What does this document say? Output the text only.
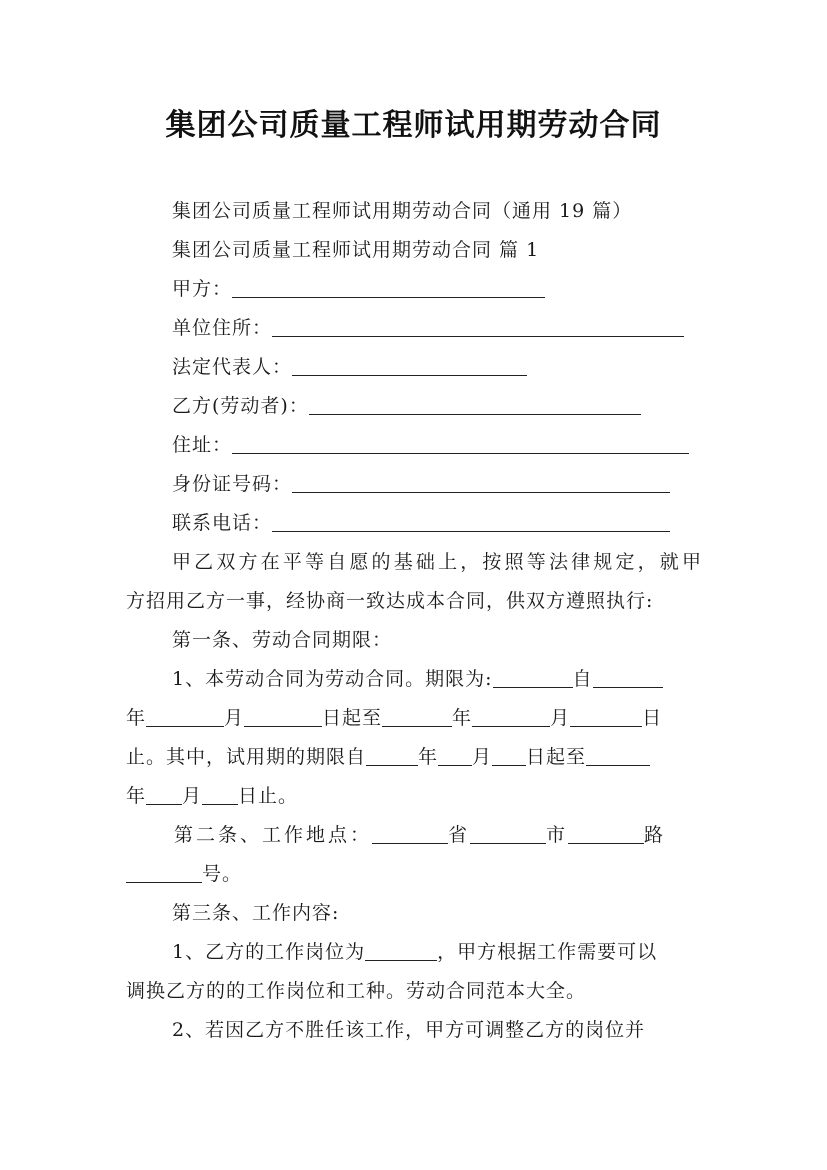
集团公司质量工程师试用期劳动合同
集团公司质量工程师试用期劳动合同（通用 19 篇）
集团公司质量工程师试用期劳动合同 篇 1
甲方：
单位住所：
法定代表人：
乙方(劳动者)：
住址：
身份证号码：
联系电话：
甲乙双方在平等自愿的基础上，按照等法律规定，就甲
方招用乙方一事，经协商一致达成本合同，供双方遵照执行:
第一条、劳动合同期限：
1、本劳动合同为劳动合同。期限为:	自
年	月	日起至	年	月	日
止。其中，试用期的期限自	年 月 日起至
年 月 日止。
第二条、工作地点：	省	市	路
号。
第三条、工作内容:
1、乙方的工作岗位为	，甲方根据工作需要可以
调换乙方的的工作岗位和工种。劳动合同范本大全。
2、若因乙方不胜任该工作，甲方可调整乙方的岗位并
